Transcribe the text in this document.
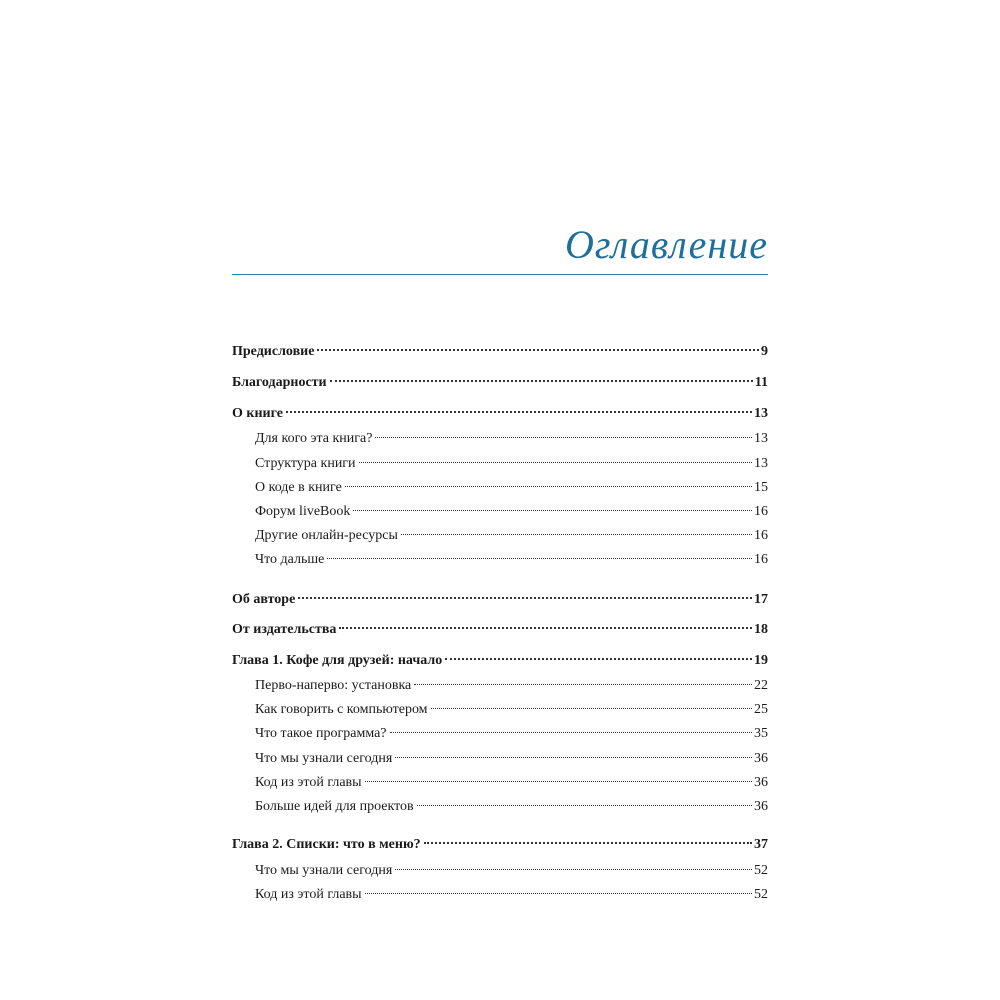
Оглавление
Предисловие	9
Благодарности	11
О книге	13
Для кого эта книга?	13
Структура книги	13
О коде в книге	15
Форум liveBook	16
Другие онлайн-ресурсы	16
Что дальше	16
Об авторе	17
От издательства	18
Глава 1. Кофе для друзей: начало	19
Перво-наперво: установка	22
Как говорить с компьютером	25
Что такое программа?	35
Что мы узнали сегодня	36
Код из этой главы	36
Больше идей для проектов	36
Глава 2. Списки: что в меню?	37
Что мы узнали сегодня	52
Код из этой главы	52
